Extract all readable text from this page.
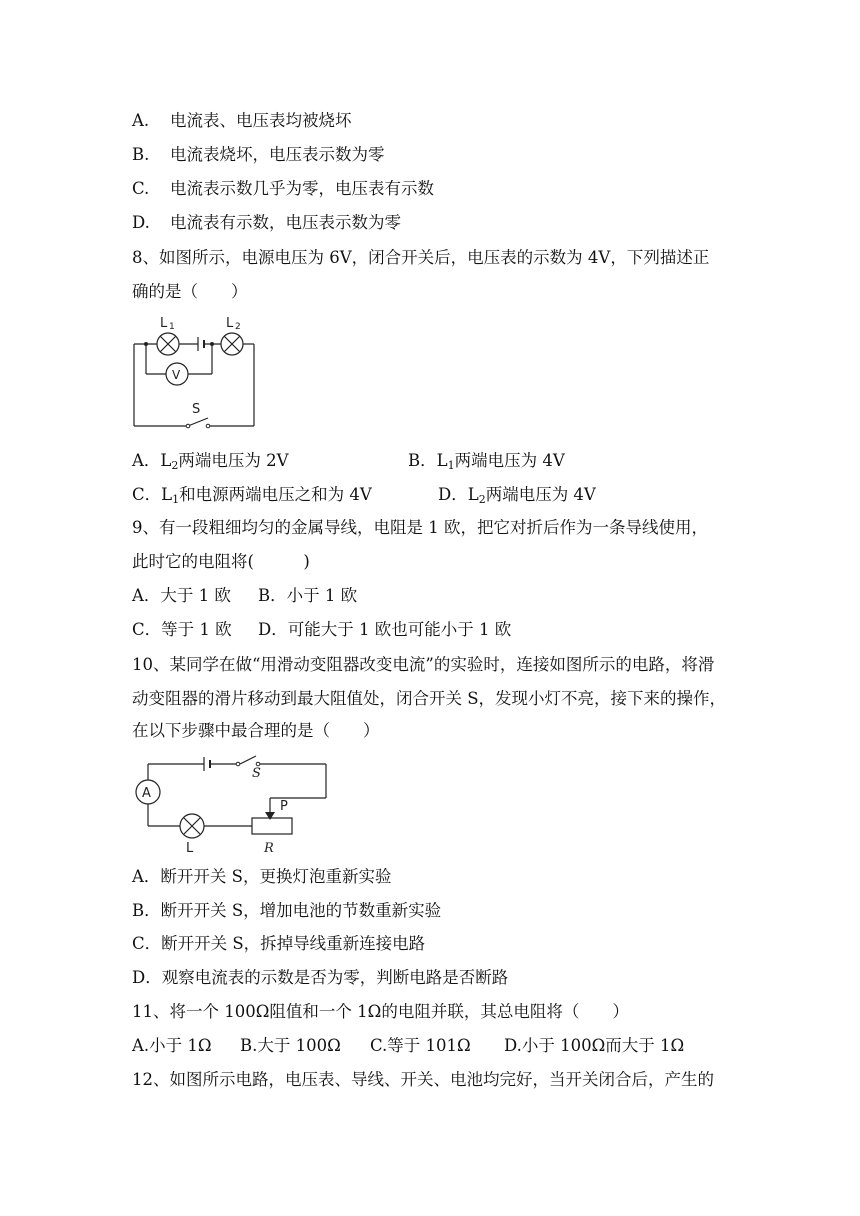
A. 电流表、电压表均被烧坏
B. 电流表烧坏，电压表示数为零
C. 电流表示数几乎为零，电压表有示数
D. 电流表有示数，电压表示数为零
8、如图所示，电源电压为 6V，闭合开关后，电压表的示数为 4V，下列描述正
确的是（　　）
L 1	L 2
V
S
A．$L_2$两端电压为 2V	B．$L_1$两端电压为 4V
C．$L_1$和电源两端电压之和为 4V	D．$L_2$两端电压为 4V
9、有一段粗细均匀的金属导线，电阻是 1 欧，把它对折后作为一条导线使用，
此时它的电阻将(　　　)
A．大于 1 欧 B．小于 1 欧
C．等于 1 欧 D．可能大于 1 欧也可能小于 1 欧
10、某同学在做“用滑动变阻器改变电流”的实验时，连接如图所示的电路，将滑
动变阻器的滑片移动到最大阻值处，闭合开关 S，发现小灯不亮，接下来的操作，
在以下步骤中最合理的是（　　）
A
S
P
L	R
A．断开开关 S，更换灯泡重新实验
B．断开开关 S，增加电池的节数重新实验
C．断开开关 S，拆掉导线重新连接电路
D．观察电流表的示数是否为零，判断电路是否断路
11、将一个 100Ω阻值和一个 1Ω的电阻并联，其总电阻将（　　）
A.小于 1Ω B.大于 100Ω C.等于 101Ω D.小于 100Ω而大于 1Ω
12、如图所示电路，电压表、导线、开关、电池均完好，当开关闭合后，产生的
